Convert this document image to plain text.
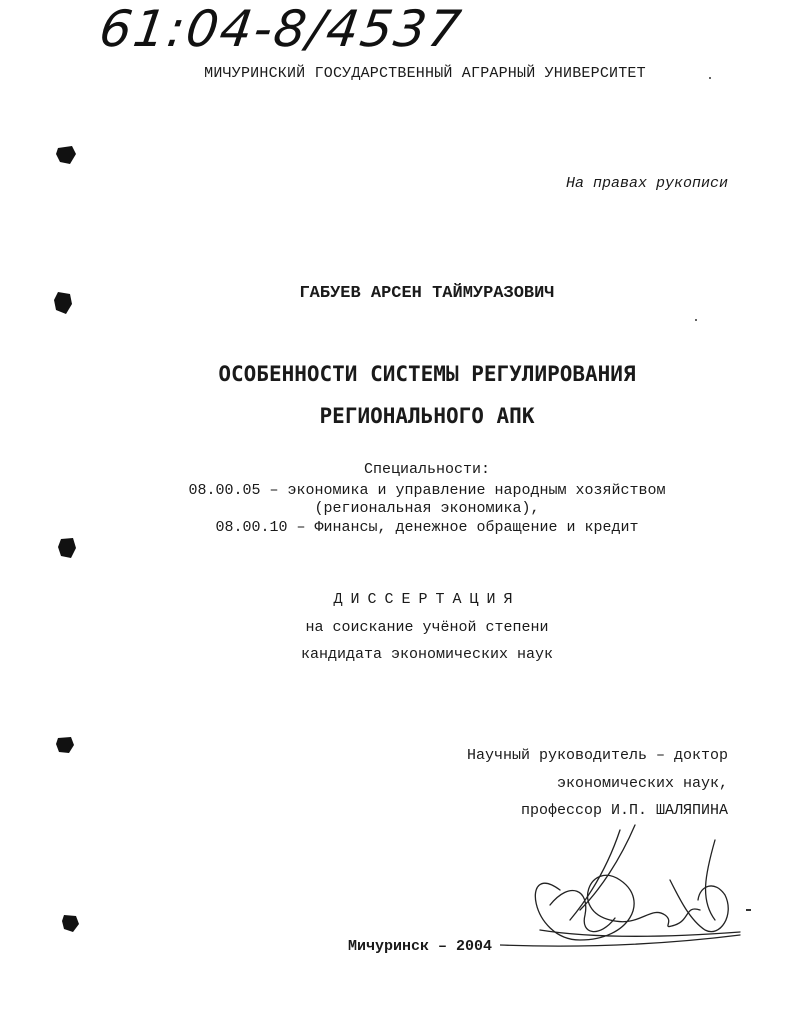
61:04-8/4537
МИЧУРИНСКИЙ ГОСУДАРСТВЕННЫЙ АГРАРНЫЙ УНИВЕРСИТЕТ
На правах рукописи
ГАБУЕВ АРСЕН ТАЙМУРАЗОВИЧ
ОСОБЕННОСТИ СИСТЕМЫ РЕГУЛИРОВАНИЯ
РЕГИОНАЛЬНОГО АПК
Специальности:
08.00.05 – экономика и управление народным хозяйством
(региональная экономика),
08.00.10 – Финансы, денежное обращение и кредит
ДИССЕРТАЦИЯ
на соискание учёной степени
кандидата экономических наук
Научный руководитель – доктор
экономических наук,
профессор И.П. ШАЛЯПИНА
Мичуринск – 2004
